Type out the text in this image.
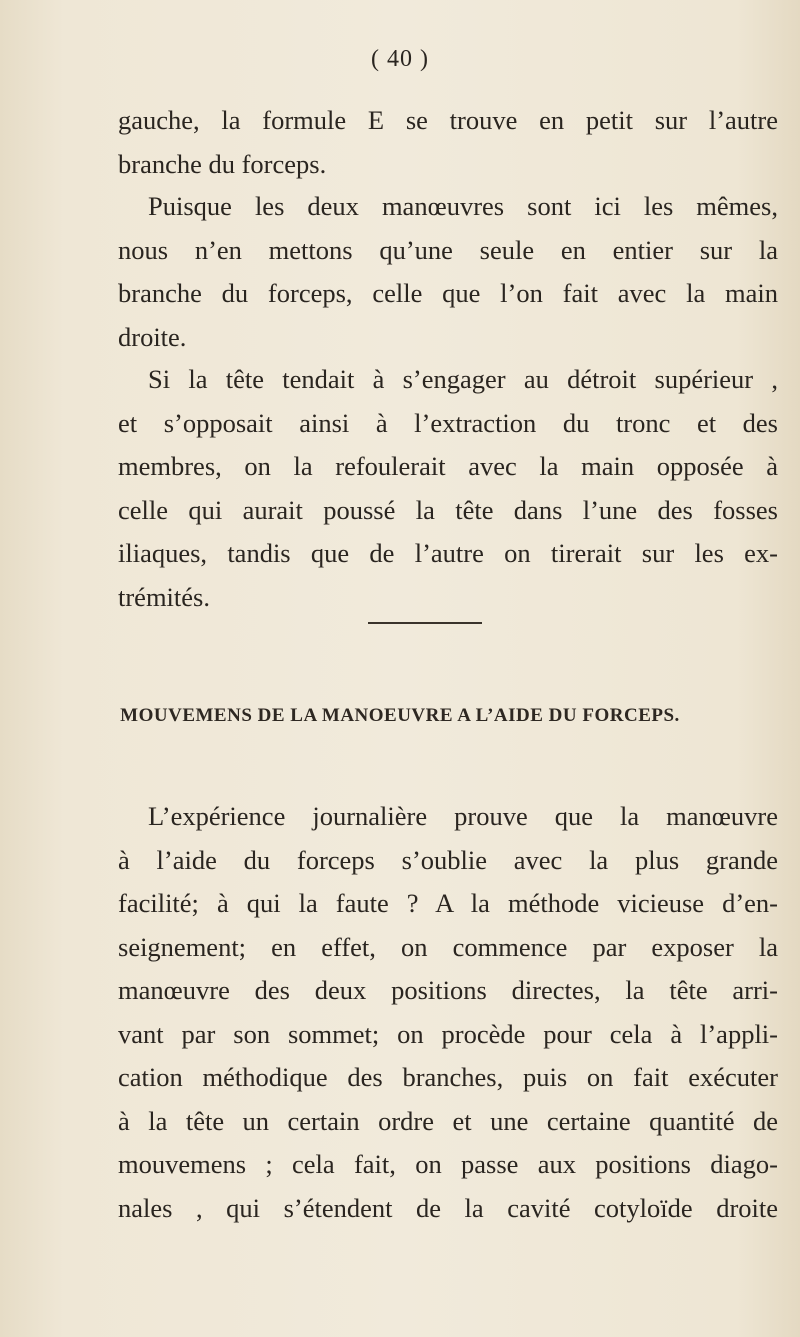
( 40 )

gauche, la formule E se trouve en petit sur l’autre
branche du forceps.

Puisque les deux manœuvres sont ici les mêmes,
nous n’en mettons qu’une seule en entier sur la
branche du forceps, celle que l’on fait avec la main
droite.

Si la tête tendait à s’engager au détroit supérieur ,
et s’opposait ainsi à l’extraction du tronc et des
membres, on la refoulerait avec la main opposée à
celle qui aurait poussé la tête dans l’une des fosses
iliaques, tandis que de l’autre on tirerait sur les ex-
trémités.

MOUVEMENS DE LA MANOEUVRE A L’AIDE DU FORCEPS.

L’expérience journalière prouve que la manœuvre
à l’aide du forceps s’oublie avec la plus grande
facilité; à qui la faute ? A la méthode vicieuse d’en-
seignement; en effet, on commence par exposer la
manœuvre des deux positions directes, la tête arri-
vant par son sommet; on procède pour cela à l’appli-
cation méthodique des branches, puis on fait exécuter
à la tête un certain ordre et une certaine quantité de
mouvemens ; cela fait, on passe aux positions diago-
nales , qui s’étendent de la cavité cotyloïde droite
